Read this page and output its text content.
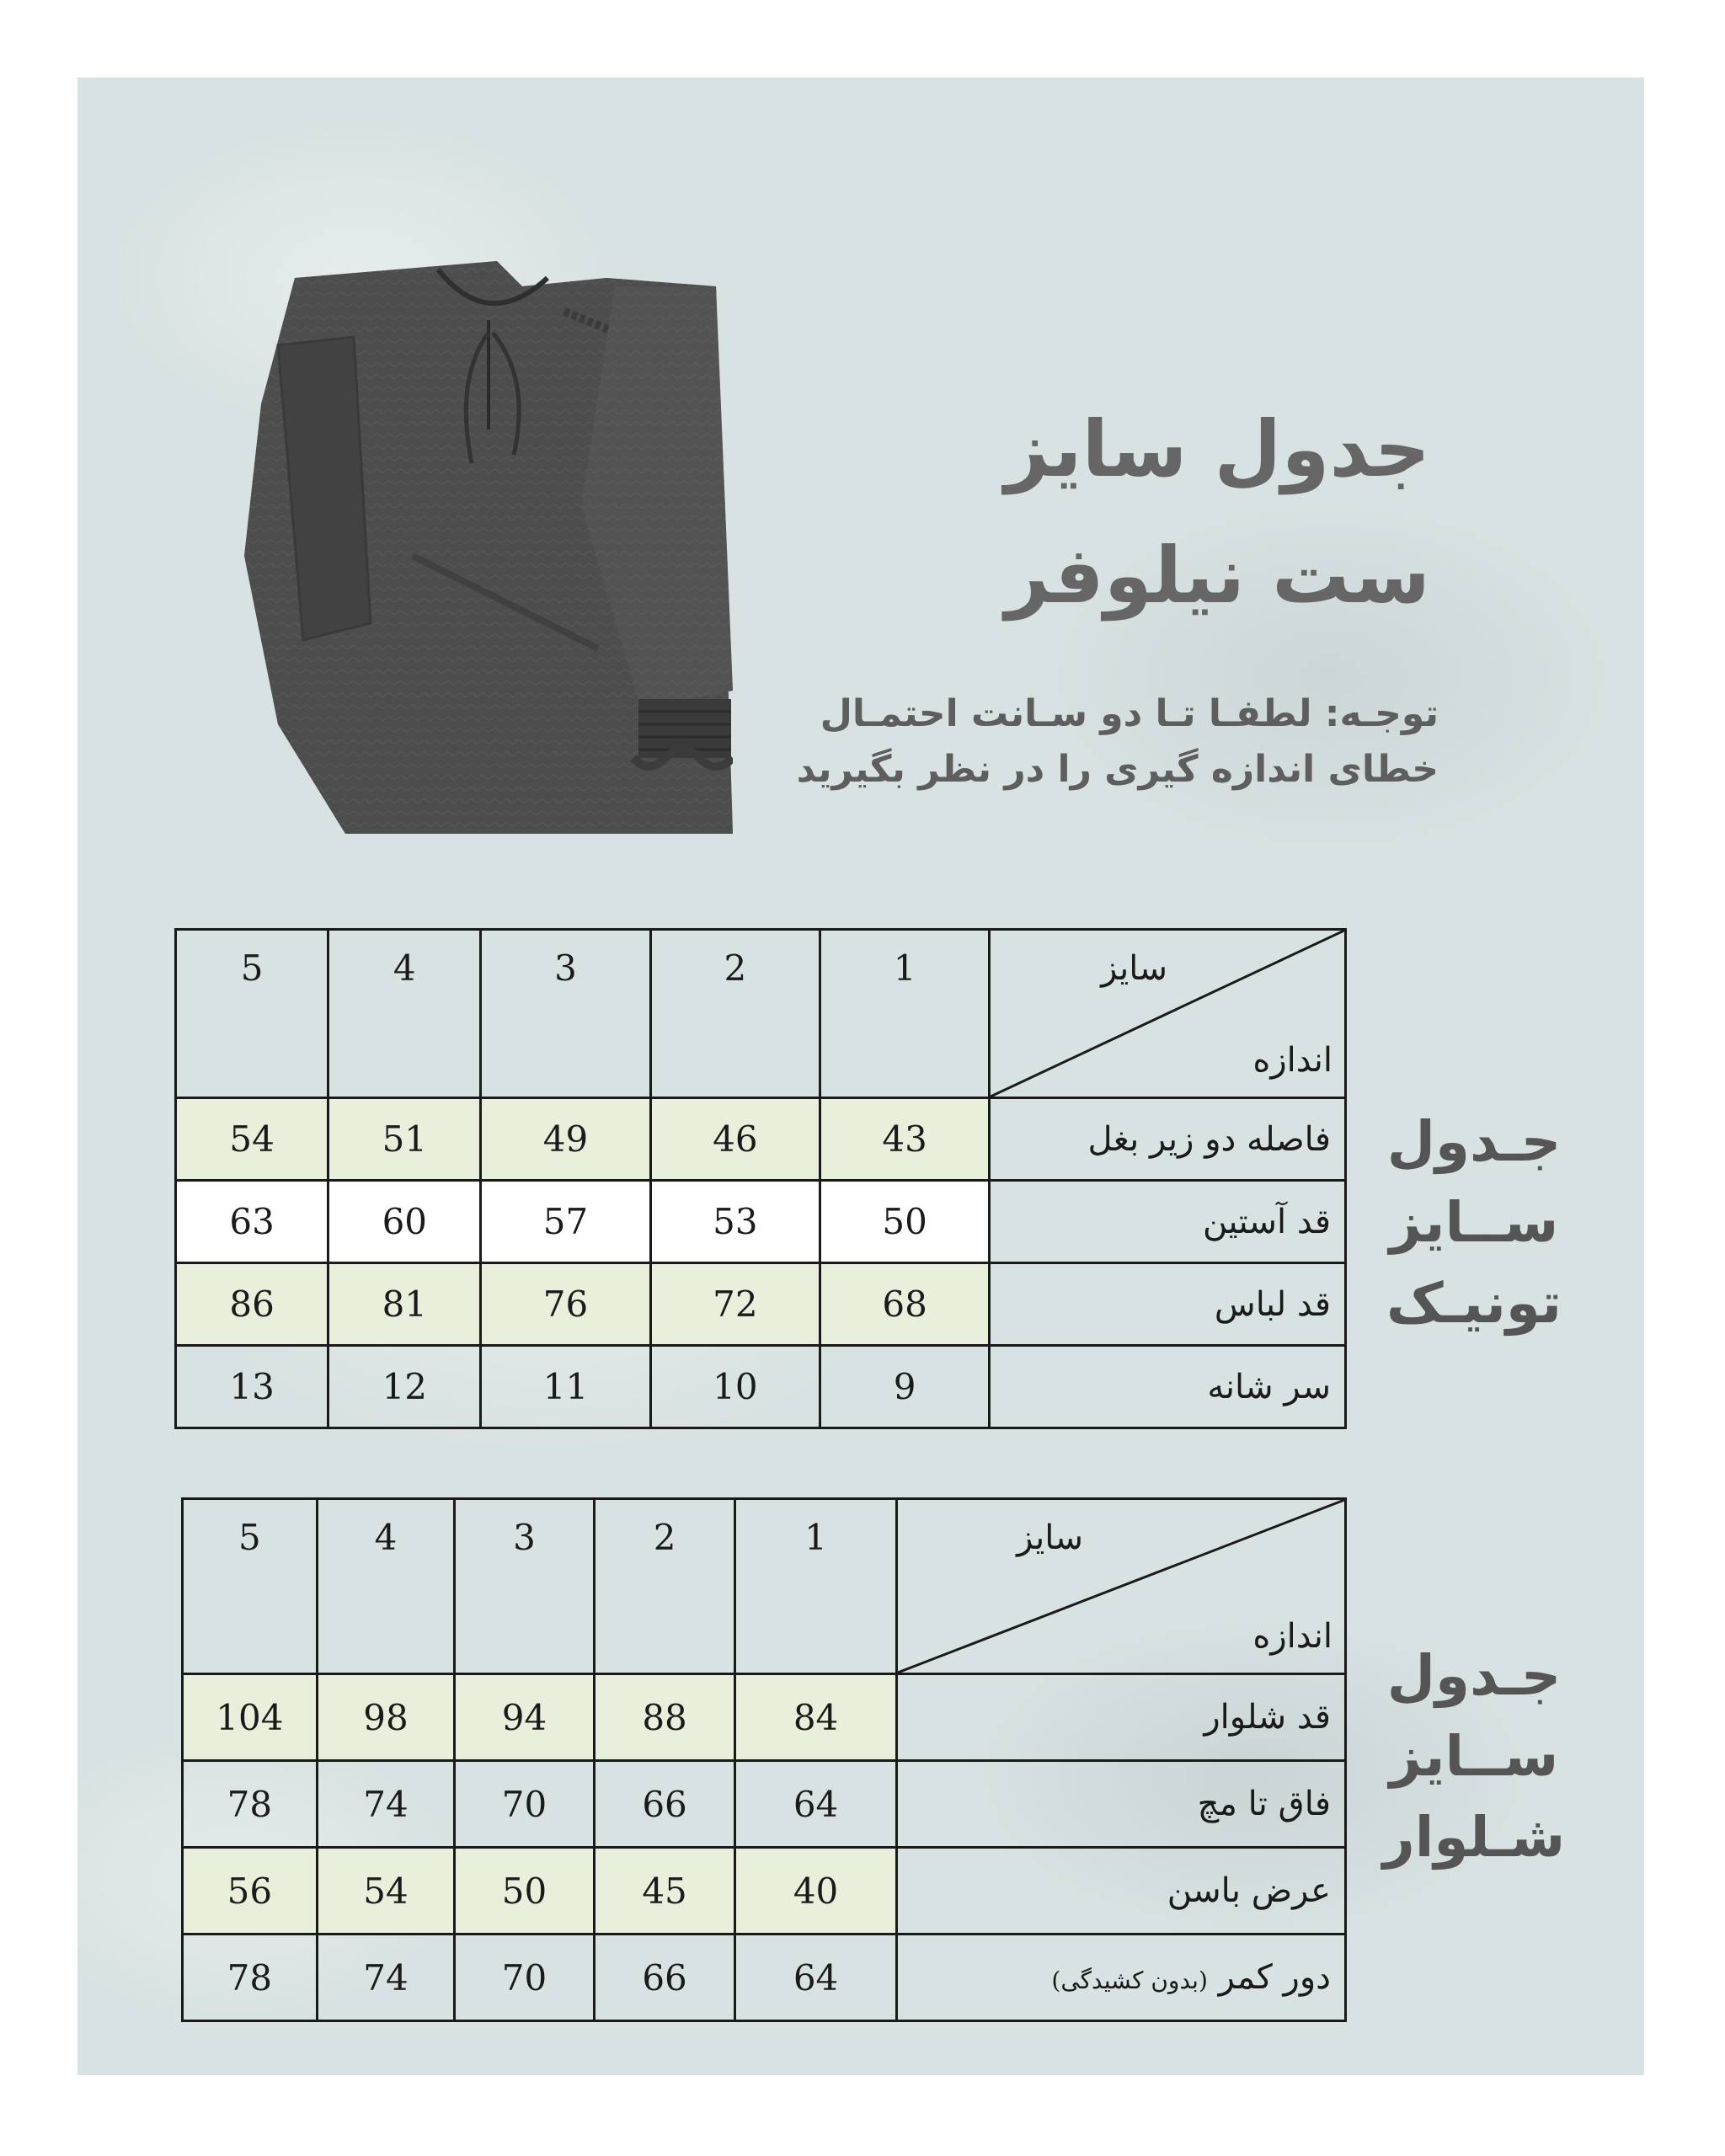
جدول سایز
ست نیلوفر
توجـه: لطفـا تـا دو سـانت احتمـال
خطای اندازه گیری را در نظر بگیرید
سایز
اندازه	1	2	3	4	5
فاصله دو زیر بغل	43	46	49	51	54
قد آستین	50	53	57	60	63
قد لباس	68	72	76	81	86
سر شانه	9	10	11	12	13
جـدول
ســایز
تونیـک
سایز
اندازه	1	2	3	4	5
قد شلوار	84	88	94	98	104
فاق تا مچ	64	66	70	74	78
عرض باسن	40	45	50	54	56
دور کمر (بدون کشیدگی)	64	66	70	74	78
جـدول
ســایز
شـلوار
